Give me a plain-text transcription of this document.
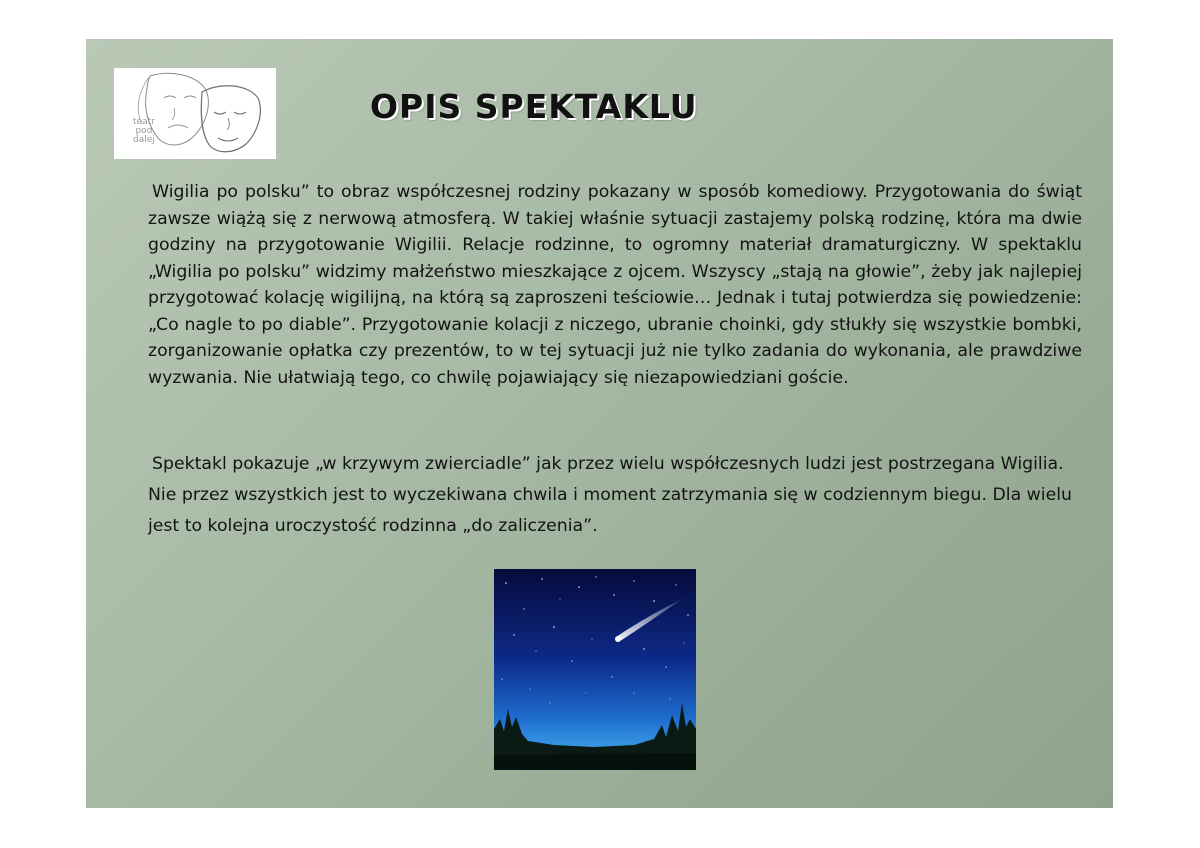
teatr
pod
dalej
OPIS SPEKTAKLU

Wigilia po polsku” to obraz współczesnej rodziny pokazany w sposób komediowy. Przygotowania do świąt zawsze wiążą się z nerwową atmosferą. W takiej właśnie sytuacji zastajemy polską rodzinę, która ma dwie godziny na przygotowanie Wigilii. Relacje rodzinne, to ogromny materiał dramaturgiczny. W spektaklu „Wigilia po polsku” widzimy małżeństwo mieszkające z ojcem. Wszyscy „stają na głowie”, żeby jak najlepiej przygotować kolację wigilijną, na którą są zaproszeni teściowie… Jednak i tutaj potwierdza się powiedzenie: „Co nagle to po diable”. Przygotowanie kolacji z niczego, ubranie choinki, gdy stłukły się wszystkie bombki, zorganizowanie opłatka czy prezentów, to w tej sytuacji już nie tylko zadania do wykonania, ale prawdziwe wyzwania. Nie ułatwiają tego, co chwilę pojawiający się niezapowiedziani goście.

Spektakl pokazuje „w krzywym zwierciadle” jak przez wielu współczesnych ludzi jest postrzegana Wigilia. Nie przez wszystkich jest to wyczekiwana chwila i moment zatrzymania się w codziennym biegu. Dla wielu jest to kolejna uroczystość rodzinna „do zaliczenia”.
